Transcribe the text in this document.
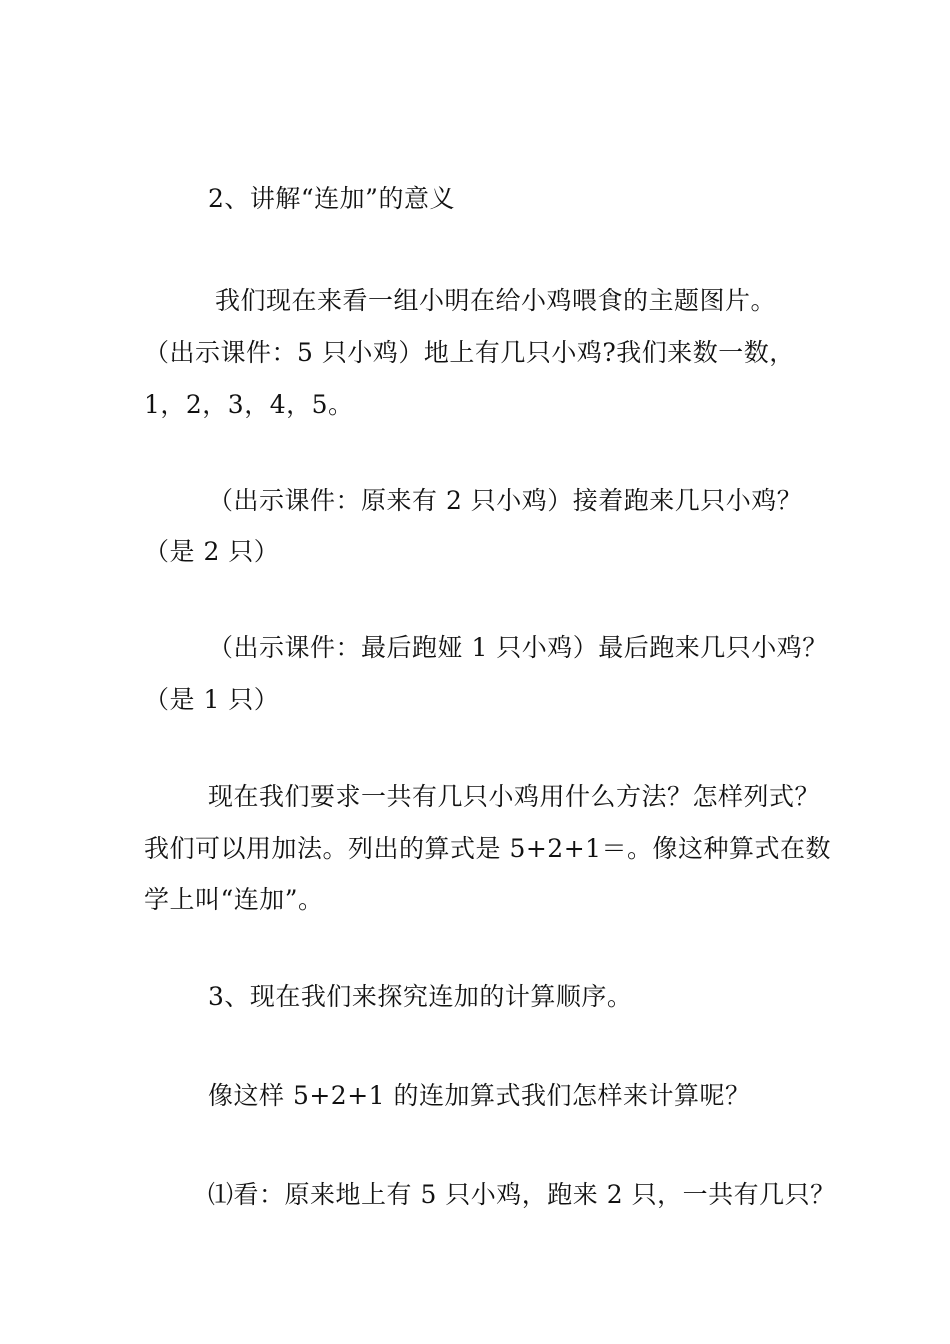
2、讲解“连加”的意义
我们现在来看一组小明在给小鸡喂食的主题图片。
（出示课件：5 只小鸡）地上有几只小鸡?我们来数一数，
1，2，3，4，5。
（出示课件：原来有 2 只小鸡）接着跑来几只小鸡？
（是 2 只）
（出示课件：最后跑娅 1 只小鸡）最后跑来几只小鸡？
（是 1 只）
现在我们要求一共有几只小鸡用什么方法？怎样列式？
我们可以用加法。列出的算式是 5+2+1＝。像这种算式在数
学上叫“连加”。
3、现在我们来探究连加的计算顺序。
像这样 5+2+1 的连加算式我们怎样来计算呢？
⑴看：原来地上有 5 只小鸡，跑来 2 只，一共有几只？
